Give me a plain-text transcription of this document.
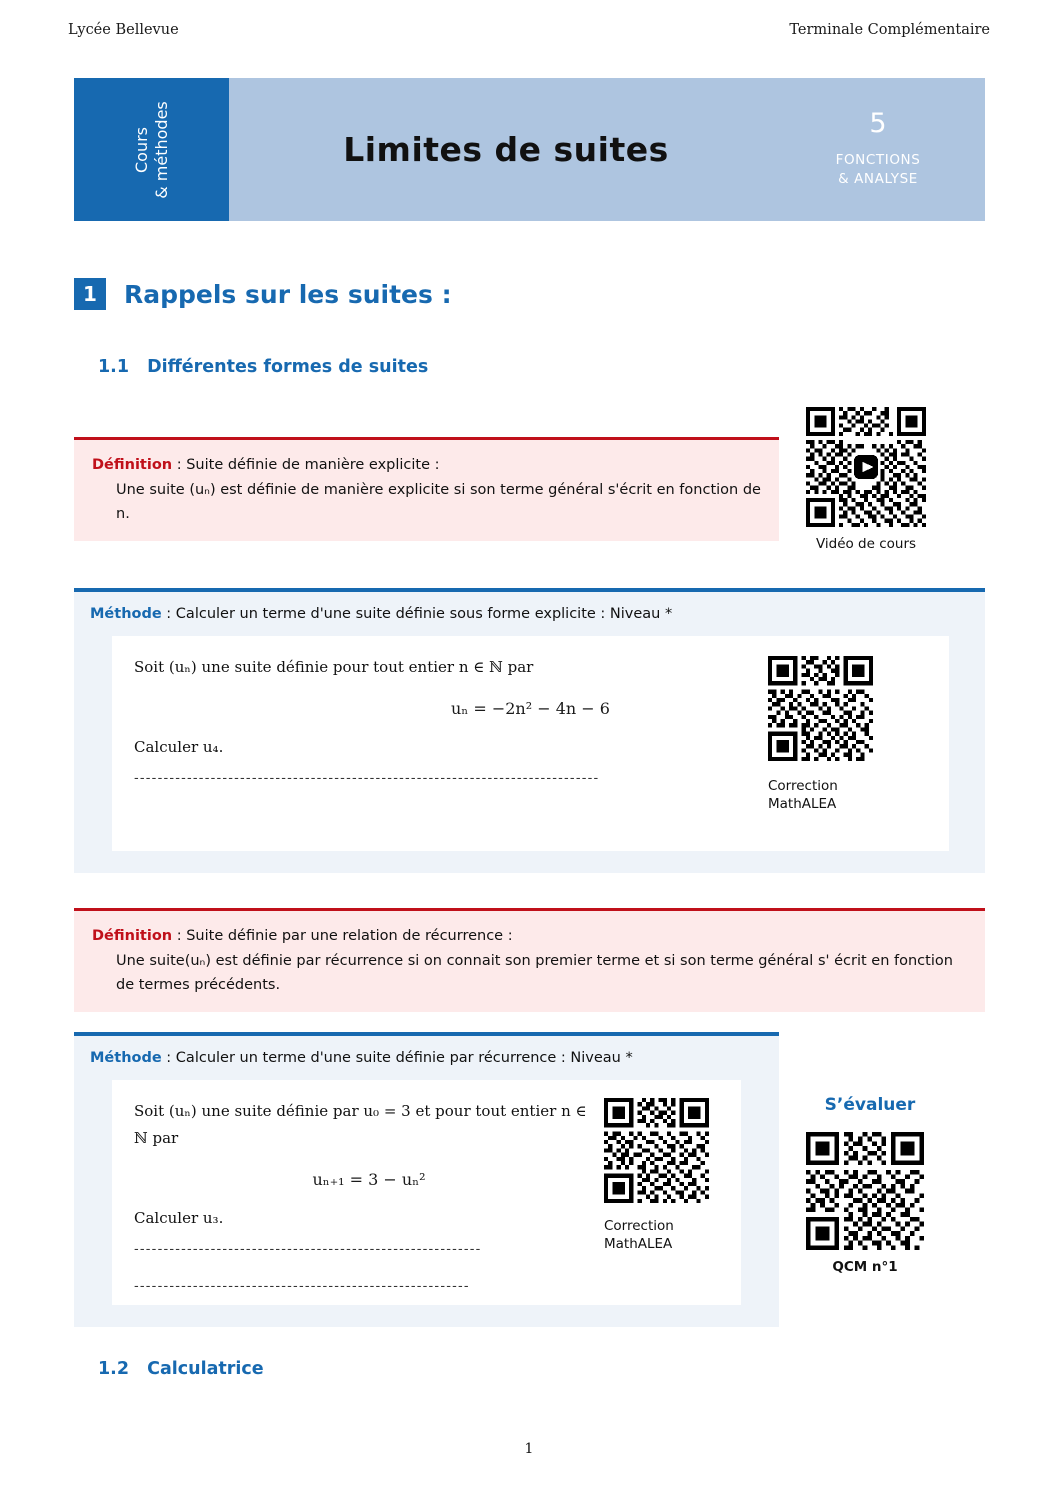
Lycée Bellevue	Terminale Complémentaire
Cours & méthodes	Limites de suites
5
FONCTIONS
& ANALYSE
1	Rappels sur les suites :
1.1 Différentes formes de suites
Définition : Suite définie de manière explicite :
Une suite (uₙ) est définie de manière explicite si son terme général s'écrit en fonction de n.
Vidéo de cours
Méthode : Calculer un terme d'une suite définie sous forme explicite : Niveau *
Soit (uₙ) une suite définie pour tout entier n ∈ ℕ par
uₙ = −2n² − 4n − 6
Calculer u₄.
-------------------------------------------------------------------------------	Correction
MathALEA
Définition : Suite définie par une relation de récurrence :
Une suite(uₙ) est définie par récurrence si on connait son premier terme et si son terme général s' écrit en fonction de termes précédents.
Méthode : Calculer un terme d'une suite définie par récurrence : Niveau *
Soit (uₙ) une suite définie par u₀ = 3 et pour tout entier n ∈ ℕ par
uₙ₊₁ = 3 − uₙ²
Calculer u₃.
-----------------------------------------------------------
---------------------------------------------------------
Correction
MathALEA
S’évaluer
QCM n°1
1.2 Calculatrice
1
